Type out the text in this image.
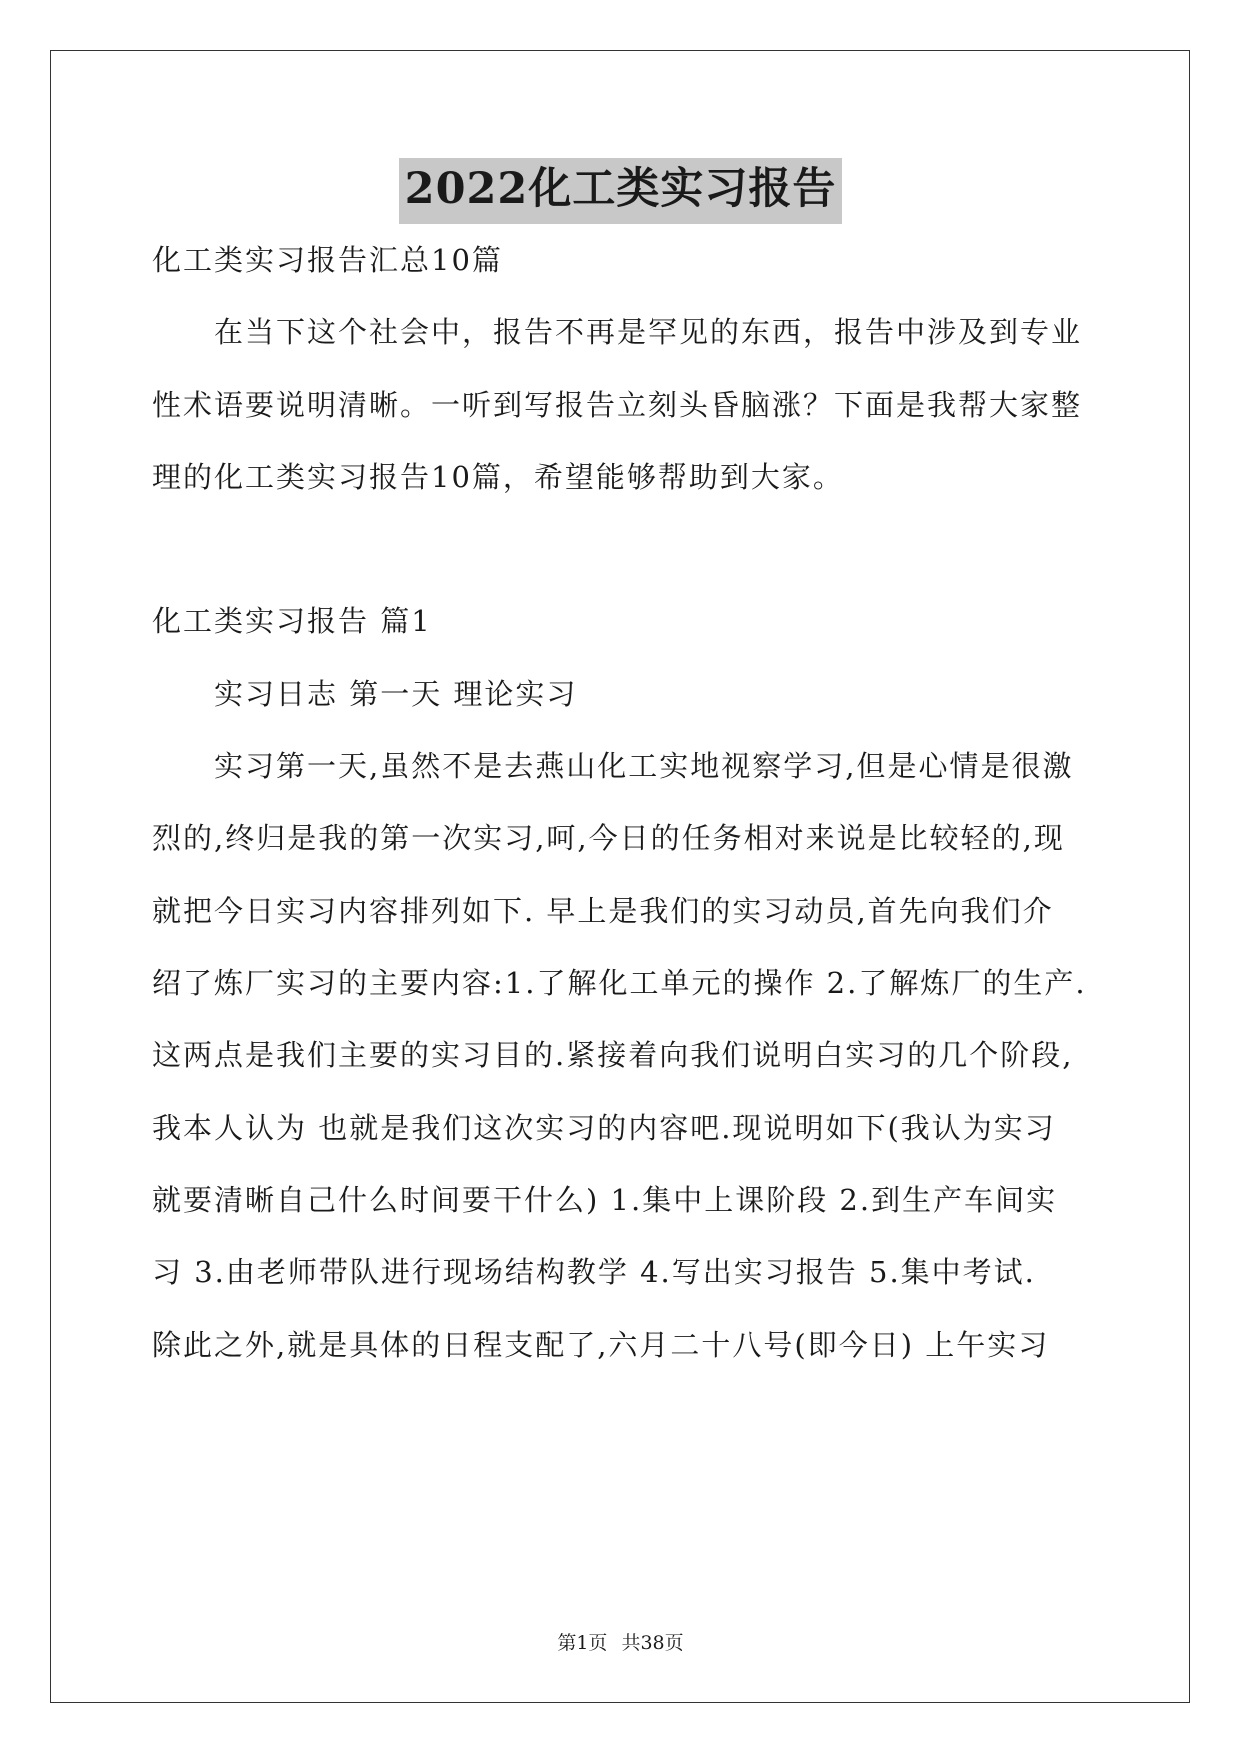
2022化工类实习报告
化工类实习报告汇总10篇
在当下这个社会中，报告不再是罕见的东西，报告中涉及到专业
性术语要说明清晰。一听到写报告立刻头昏脑涨？下面是我帮大家整
理的化工类实习报告10篇，希望能够帮助到大家。
化工类实习报告 篇1
实习日志 第一天 理论实习
实习第一天,虽然不是去燕山化工实地视察学习,但是心情是很激
烈的,终归是我的第一次实习,呵,今日的任务相对来说是比较轻的,现
就把今日实习内容排列如下. 早上是我们的实习动员,首先向我们介
绍了炼厂实习的主要内容:1.了解化工单元的操作 2.了解炼厂的生产.
这两点是我们主要的实习目的.紧接着向我们说明白实习的几个阶段,
我本人认为 也就是我们这次实习的内容吧.现说明如下(我认为实习
就要清晰自己什么时间要干什么) 1.集中上课阶段 2.到生产车间实
习 3.由老师带队进行现场结构教学 4.写出实习报告 5.集中考试.
除此之外,就是具体的日程支配了,六月二十八号(即今日) 上午实习
第1页 共38页
